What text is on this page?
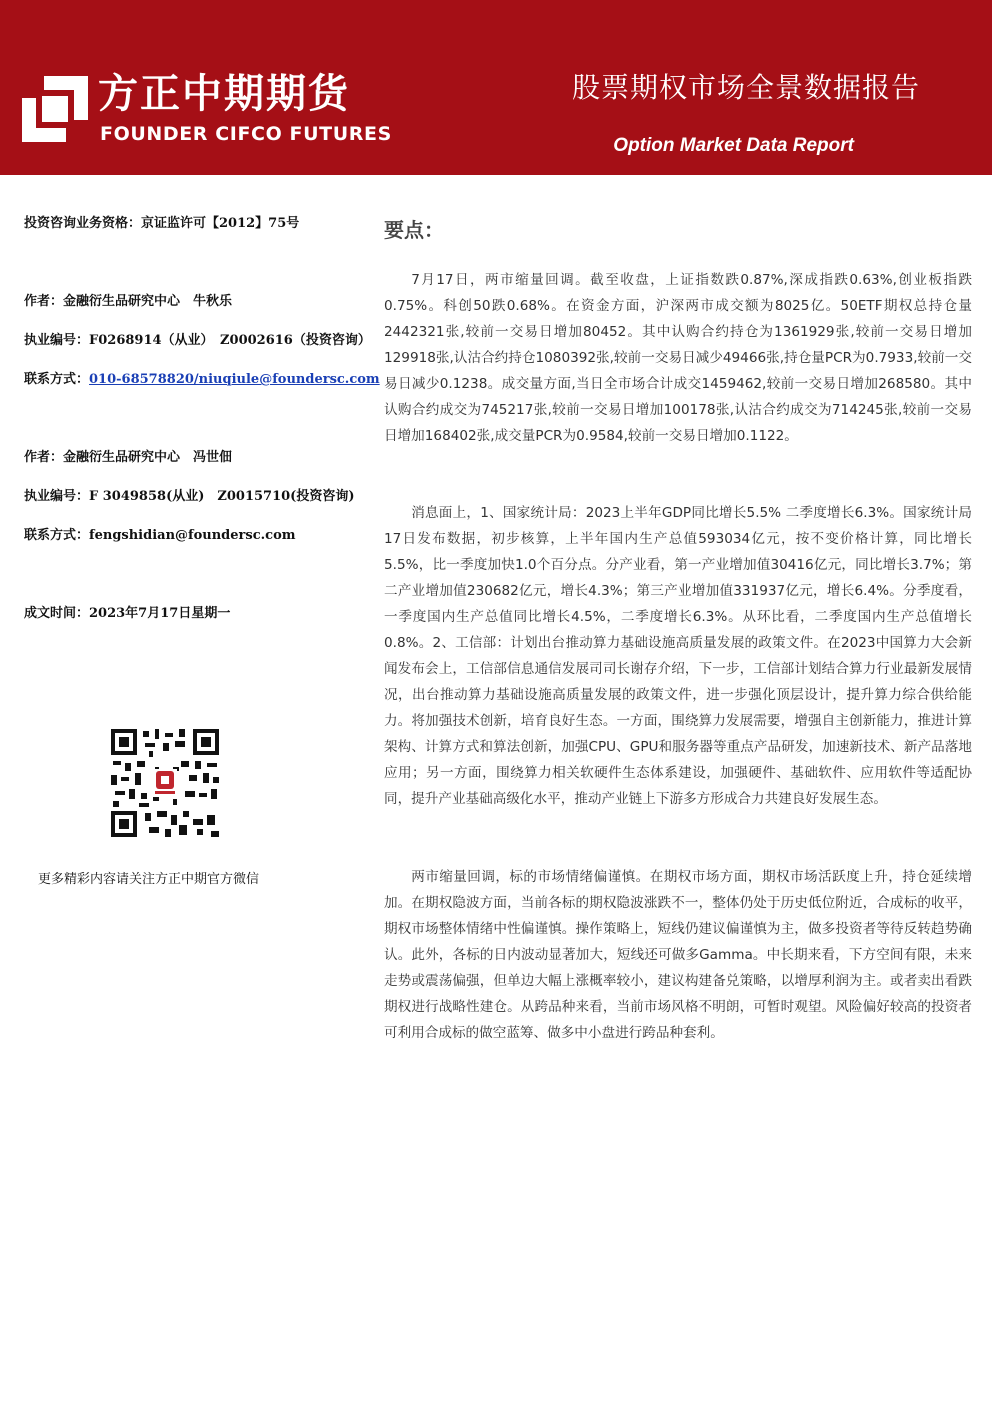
方正中期期货
FOUNDER CIFCO FUTURES
股票期权市场全景数据报告
Option Market Data Report
投资咨询业务资格：京证监许可【2012】75号
作者：金融衍生品研究中心　牛秋乐
执业编号：F0268914（从业）　Z0002616（投资咨询）
联系方式：010-68578820/niuqiule@foundersc.com
作者：金融衍生品研究中心　冯世佃
执业编号：F 3049858(从业)　Z0015710(投资咨询)
联系方式：fengshidian@foundersc.com
成文时间：2023年7月17日星期一
更多精彩内容请关注方正中期官方微信
要点：

7月17日，两市缩量回调。截至收盘，上证指数跌0.87%,深成指跌0.63%,创业板指跌0.75%。科创50跌0.68%。在资金方面，沪深两市成交额为8025亿。50ETF期权总持仓量2442321张,较前一交易日增加80452。其中认购合约持仓为1361929张,较前一交易日增加129918张,认沽合约持仓1080392张,较前一交易日减少49466张,持仓量PCR为0.7933,较前一交易日减少0.1238。成交量方面,当日全市场合计成交1459462,较前一交易日增加268580。其中认购合约成交为745217张,较前一交易日增加100178张,认沽合约成交为714245张,较前一交易日增加168402张,成交量PCR为0.9584,较前一交易日增加0.1122。

消息面上，1、国家统计局：2023上半年GDP同比增长5.5% 二季度增长6.3%。国家统计局17日发布数据，初步核算，上半年国内生产总值593034亿元，按不变价格计算，同比增长5.5%，比一季度加快1.0个百分点。分产业看，第一产业增加值30416亿元，同比增长3.7%；第二产业增加值230682亿元，增长4.3%；第三产业增加值331937亿元，增长6.4%。分季度看，一季度国内生产总值同比增长4.5%，二季度增长6.3%。从环比看，二季度国内生产总值增长0.8%。2、工信部：计划出台推动算力基础设施高质量发展的政策文件。在2023中国算力大会新闻发布会上，工信部信息通信发展司司长谢存介绍，下一步，工信部计划结合算力行业最新发展情况，出台推动算力基础设施高质量发展的政策文件，进一步强化顶层设计，提升算力综合供给能力。将加强技术创新，培育良好生态。一方面，围绕算力发展需要，增强自主创新能力，推进计算架构、计算方式和算法创新，加强CPU、GPU和服务器等重点产品研发，加速新技术、新产品落地应用；另一方面，围绕算力相关软硬件生态体系建设，加强硬件、基础软件、应用软件等适配协同，提升产业基础高级化水平，推动产业链上下游多方形成合力共建良好发展生态。

两市缩量回调，标的市场情绪偏谨慎。在期权市场方面，期权市场活跃度上升，持仓延续增加。在期权隐波方面，当前各标的期权隐波涨跌不一，整体仍处于历史低位附近，合成标的收平，期权市场整体情绪中性偏谨慎。操作策略上，短线仍建议偏谨慎为主，做多投资者等待反转趋势确认。此外，各标的日内波动显著加大，短线还可做多Gamma。中长期来看，下方空间有限，未来走势或震荡偏强，但单边大幅上涨概率较小，建议构建备兑策略，以增厚利润为主。或者卖出看跌期权进行战略性建仓。从跨品种来看，当前市场风格不明朗，可暂时观望。风险偏好较高的投资者可利用合成标的做空蓝筹、做多中小盘进行跨品种套利。
